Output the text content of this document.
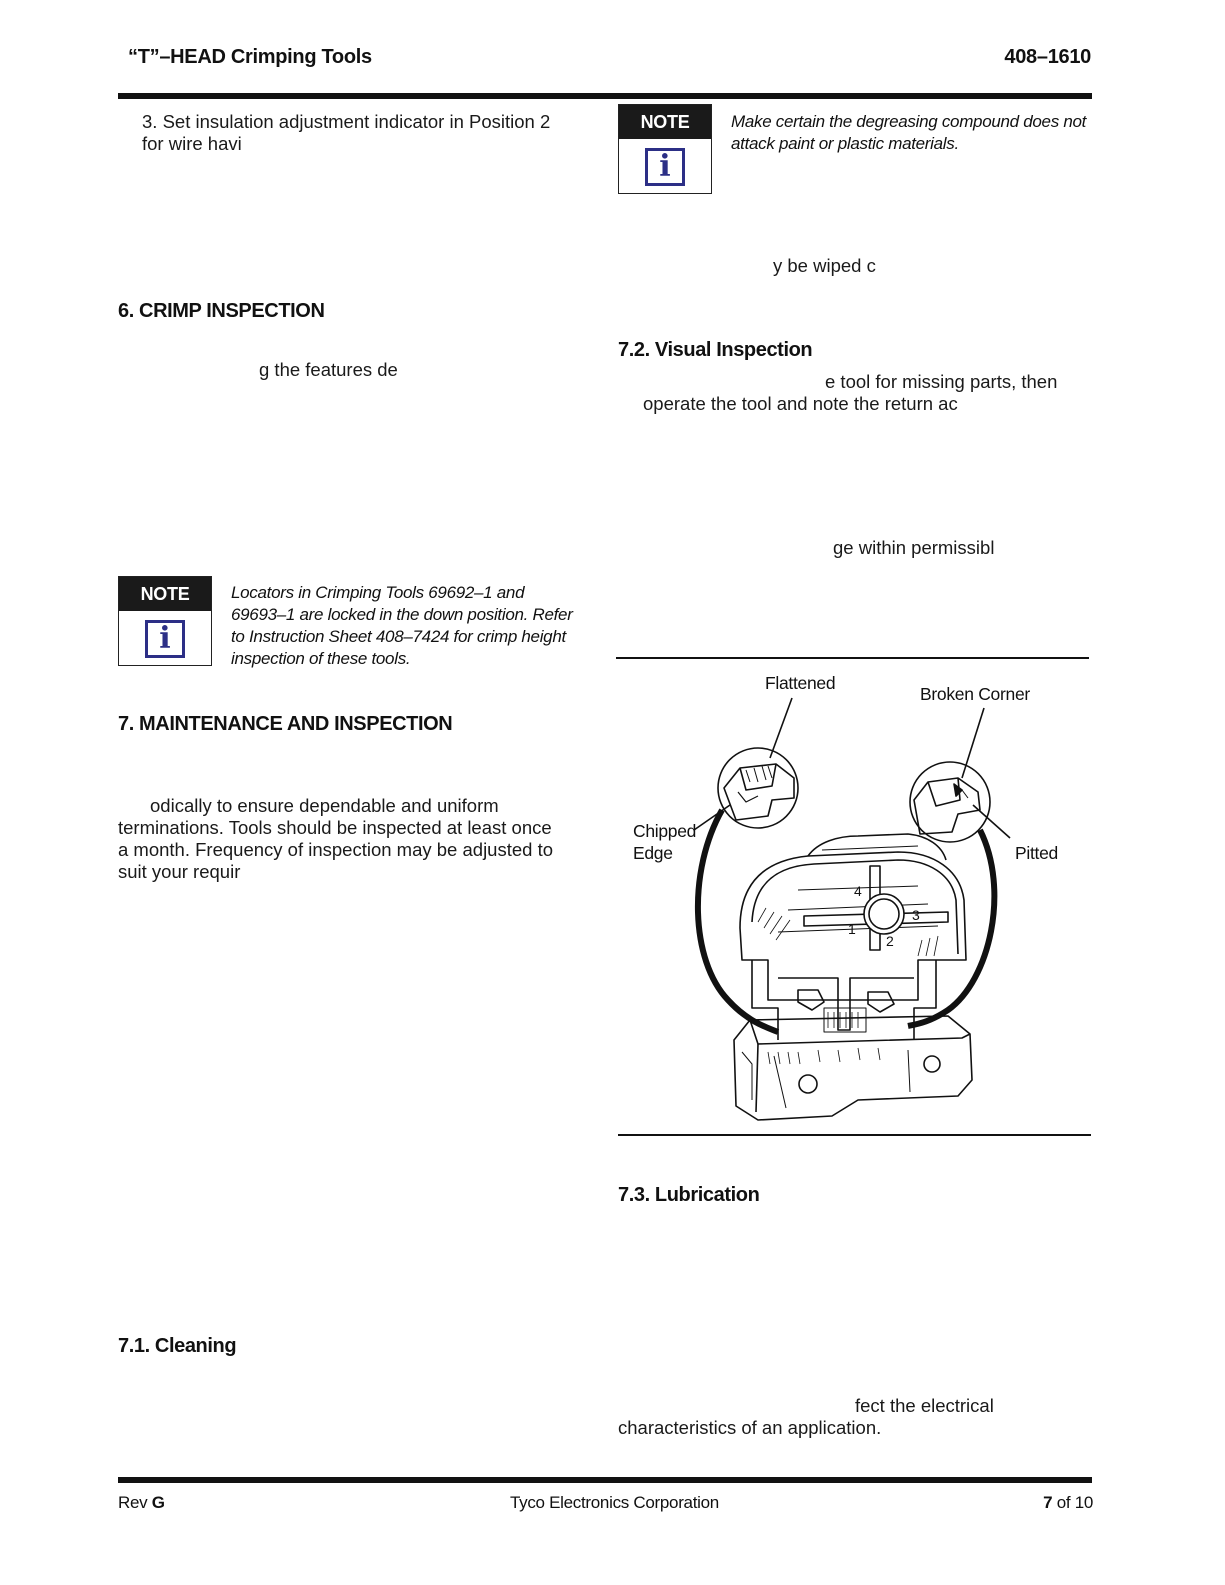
“T”–HEAD Crimping Tools	408–1610
3. Set insulation adjustment indicator in Position 2
for wire havi
6. CRIMP INSPECTION
g the features de
NOTE
i
Locators in Crimping Tools 69692–1 and 69693–1 are locked in the down position. Refer to Instruction Sheet 408–7424 for crimp height inspection of these tools.
7. MAINTENANCE AND INSPECTION
odically to ensure dependable and uniform
terminations. Tools should be inspected at least once
a month. Frequency of inspection may be adjusted to
suit your requir
7.1. Cleaning
NOTE
i
Make certain the degreasing compound does not attack paint or plastic materials.
y be wiped c
7.2. Visual Inspection
e tool for missing parts, then
operate the tool and note the return ac
ge within permissibl
Flattened
Broken Corner
Chipped
Edge	Pitted
4
1
2
3
7.3. Lubrication
fect the electrical
characteristics of an application.
Rev G	Tyco Electronics Corporation	7 of 10
